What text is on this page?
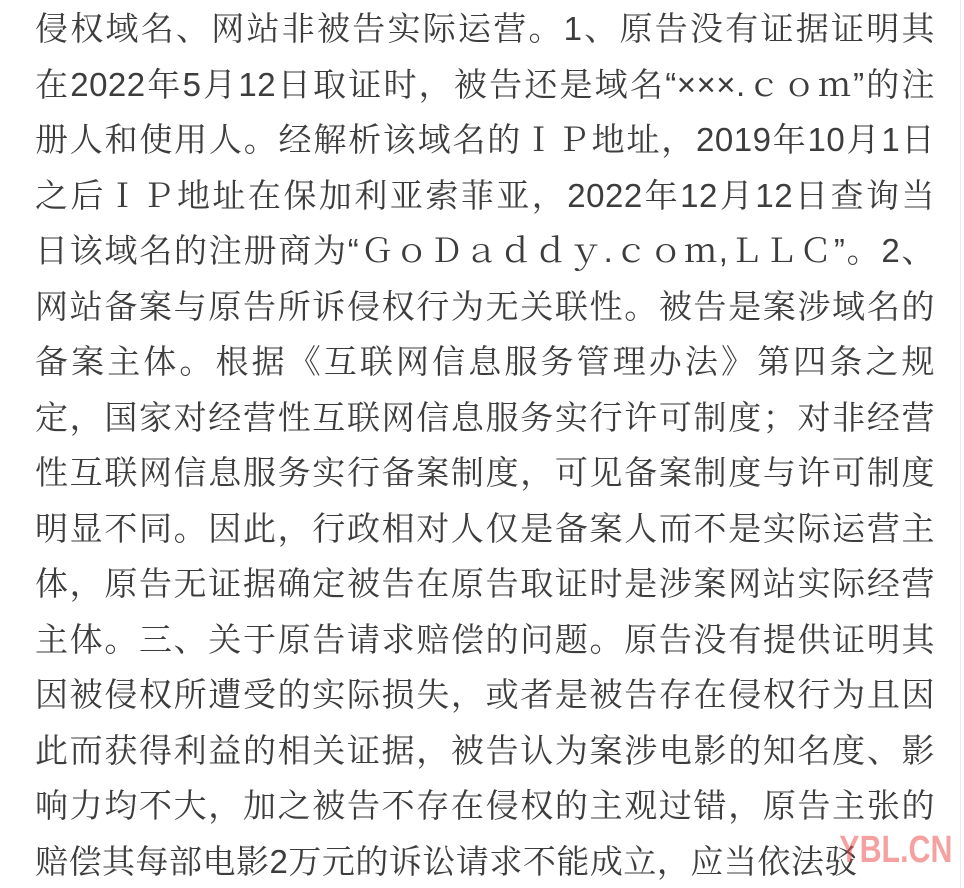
侵权域名、网站非被告实际运营。1、原告没有证据证明其
在2022年5月12日取证时，被告还是域名“×××.ｃｏｍ”的注
册人和使用人。经解析该域名的ＩＰ地址，2019年10月1日
之后ＩＰ地址在保加利亚索菲亚，2022年12月12日查询当
日该域名的注册商为“ＧｏＤａｄｄｙ.ｃｏｍ,ＬＬＣ”。2、
网站备案与原告所诉侵权行为无关联性。被告是案涉域名的
备案主体。根据《互联网信息服务管理办法》第四条之规
定，国家对经营性互联网信息服务实行许可制度；对非经营
性互联网信息服务实行备案制度，可见备案制度与许可制度
明显不同。因此，行政相对人仅是备案人而不是实际运营主
体，原告无证据确定被告在原告取证时是涉案网站实际经营
主体。三、关于原告请求赔偿的问题。原告没有提供证明其
因被侵权所遭受的实际损失，或者是被告存在侵权行为且因
此而获得利益的相关证据，被告认为案涉电影的知名度、影
响力均不大，加之被告不存在侵权的主观过错，原告主张的
赔偿其每部电影2万元的诉讼请求不能成立，应当依法驳
YBL.CN
